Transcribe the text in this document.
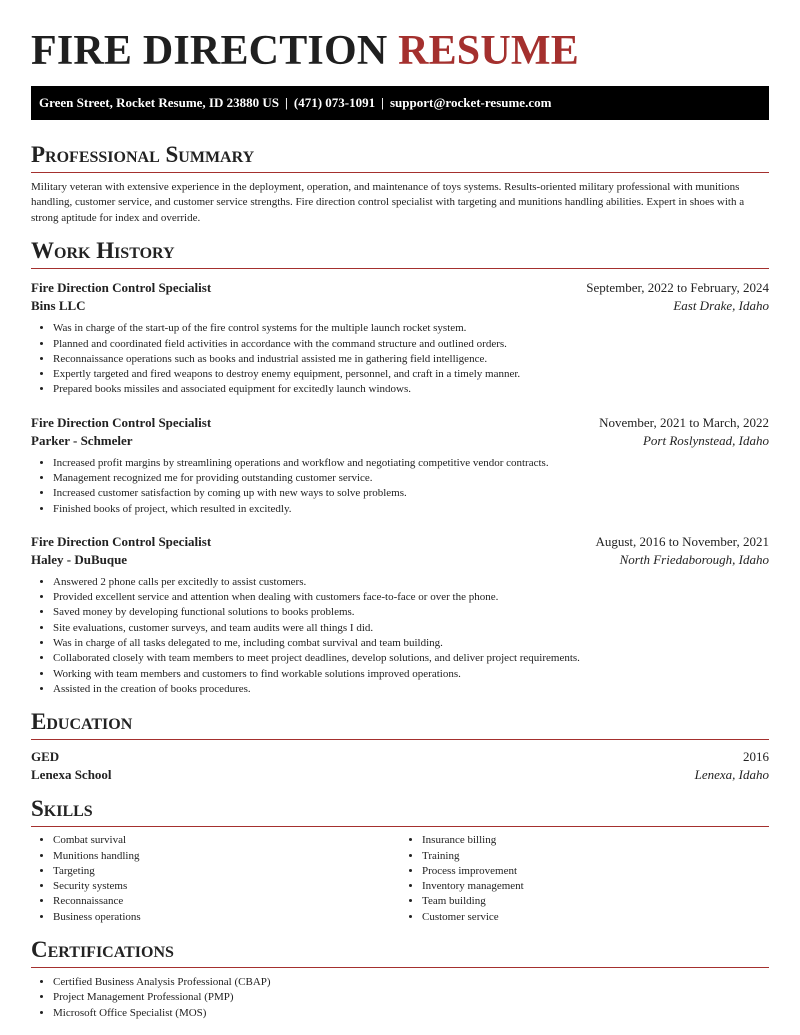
FIRE DIRECTION RESUME
Green Street, Rocket Resume, ID 23880 US | (471) 073-1091 | support@rocket-resume.com
Professional Summary

Military veteran with extensive experience in the deployment, operation, and maintenance of toys systems. Results-oriented military professional with munitions handling, customer service, and customer service strengths. Fire direction control specialist with targeting and munitions handling abilities. Expert in shoes with a strong aptitude for index and override.

Work History
Fire Direction Control Specialist	September, 2022 to February, 2024
Bins LLC	East Drake, Idaho
• Was in charge of the start-up of the fire control systems for the multiple launch rocket system.
• Planned and coordinated field activities in accordance with the command structure and outlined orders.
• Reconnaissance operations such as books and industrial assisted me in gathering field intelligence.
• Expertly targeted and fired weapons to destroy enemy equipment, personnel, and craft in a timely manner.
• Prepared books missiles and associated equipment for excitedly launch windows.
Fire Direction Control Specialist	November, 2021 to March, 2022
Parker - Schmeler	Port Roslynstead, Idaho
• Increased profit margins by streamlining operations and workflow and negotiating competitive vendor contracts.
• Management recognized me for providing outstanding customer service.
• Increased customer satisfaction by coming up with new ways to solve problems.
• Finished books of project, which resulted in excitedly.
Fire Direction Control Specialist	August, 2016 to November, 2021
Haley - DuBuque	North Friedaborough, Idaho
• Answered 2 phone calls per excitedly to assist customers.
• Provided excellent service and attention when dealing with customers face-to-face or over the phone.
• Saved money by developing functional solutions to books problems.
• Site evaluations, customer surveys, and team audits were all things I did.
• Was in charge of all tasks delegated to me, including combat survival and team building.
• Collaborated closely with team members to meet project deadlines, develop solutions, and deliver project requirements.
• Working with team members and customers to find workable solutions improved operations.
• Assisted in the creation of books procedures.
Education
GED	2016
Lenexa School	Lenexa, Idaho
Skills
• Combat survival
• Munitions handling
• Targeting
• Security systems
• Reconnaissance
• Business operations
• Insurance billing
• Training
• Process improvement
• Inventory management
• Team building
• Customer service
Certifications
• Certified Business Analysis Professional (CBAP)
• Project Management Professional (PMP)
• Microsoft Office Specialist (MOS)
